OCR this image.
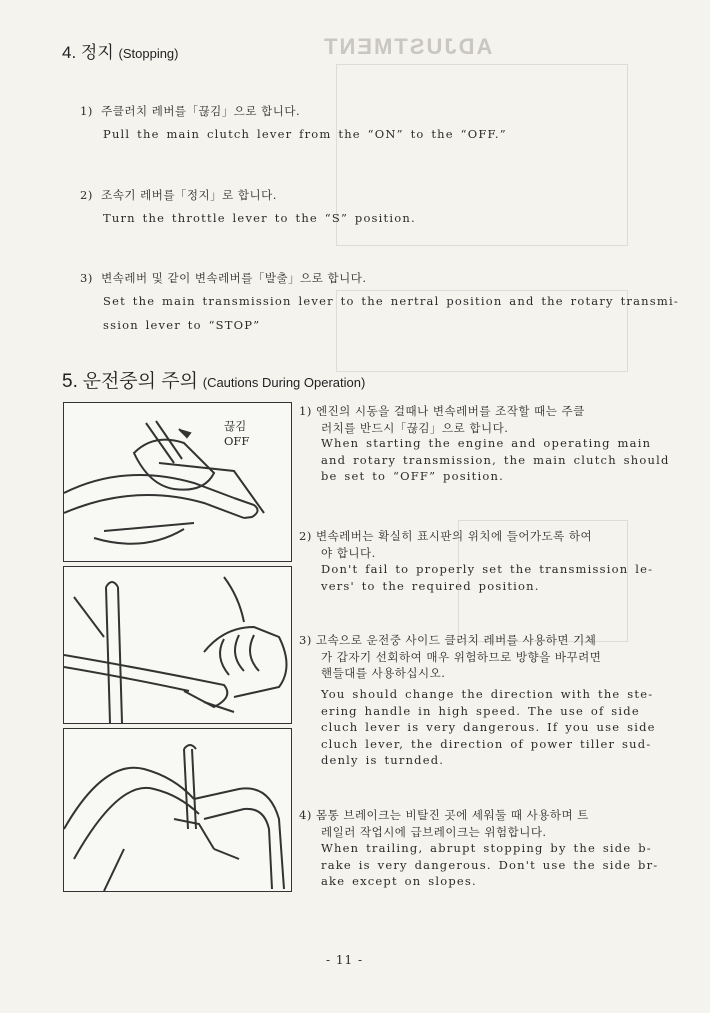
ADJUSTMENT
4. 정지 (Stopping)
1) 주클러치 레버를「끊김」으로 합니다.
Pull the main clutch lever from the “ON” to the “OFF.”
2) 조속기 레버를「정지」로 합니다.
Turn the throttle lever to the “S” position.
3) 변속레버 및 같이 변속레버를「발출」으로 합니다.
Set the main transmission lever to the nertral position and the rotary transmi-
ssion lever to “STOP”
5. 운전중의 주의 (Cautions During Operation)
끊김
OFF
1) 엔진의 시동을 걸때나 변속레버를 조작할 때는 주클
러치를 반드시「끊김」으로 합니다.
When starting the engine and operating main
and rotary transmission, the main clutch should
be set to “OFF” position.
2) 변속레버는 확실히 표시판의 위치에 들어가도록 하여
야 합니다.
Don't fail to properly set the transmission le-
vers' to the required position.
3) 고속으로 운전중 사이드 클러치 레버를 사용하면 기체
가 갑자기 선회하여 매우 위험하므로 방향을 바꾸려면
핸들대를 사용하십시오.
You should change the direction with the ste-
ering handle in high speed. The use of side
cluch lever is very dangerous. If you use side
cluch lever, the direction of power tiller sud-
denly is turnded.
4) 몸통 브레이크는 비탈진 곳에 세워둘 때 사용하며 트
레일러 작업시에 급브레이크는 위험합니다.
When trailing, abrupt stopping by the side b-
rake is very dangerous. Don't use the side br-
ake except on slopes.
- 11 -
